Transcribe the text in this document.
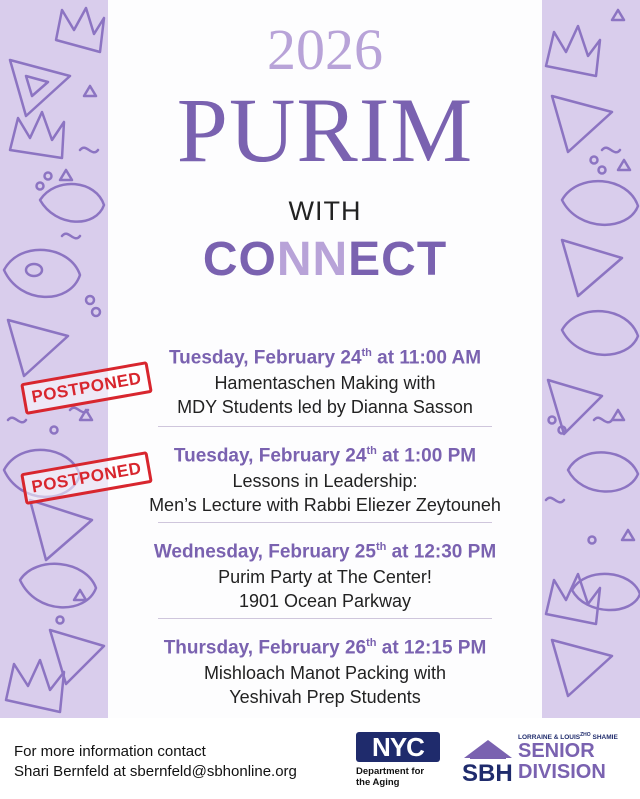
2026
PURIM
WITH
CONNECT
Tuesday, February 24th at 11:00 AM
Hamentaschen Making with
MDY Students led by Dianna Sasson
Tuesday, February 24th at 1:00 PM
Lessons in Leadership:
Men’s Lecture with Rabbi Eliezer Zeytouneh
Wednesday, February 25th at 12:30 PM
Purim Party at The Center!
1901 Ocean Parkway
Thursday, February 26th at 12:15 PM
Mishloach Manot Packing with
Yeshivah Prep Students
POSTPONED
POSTPONED
For more information contact
Shari Bernfeld at sbernfeld@sbhonline.org
NYC
Department for
the Aging	SBH
LORRAINE & $LOUIS^{ZHO}$ SHAMIE
SENIOR
DIVISION
